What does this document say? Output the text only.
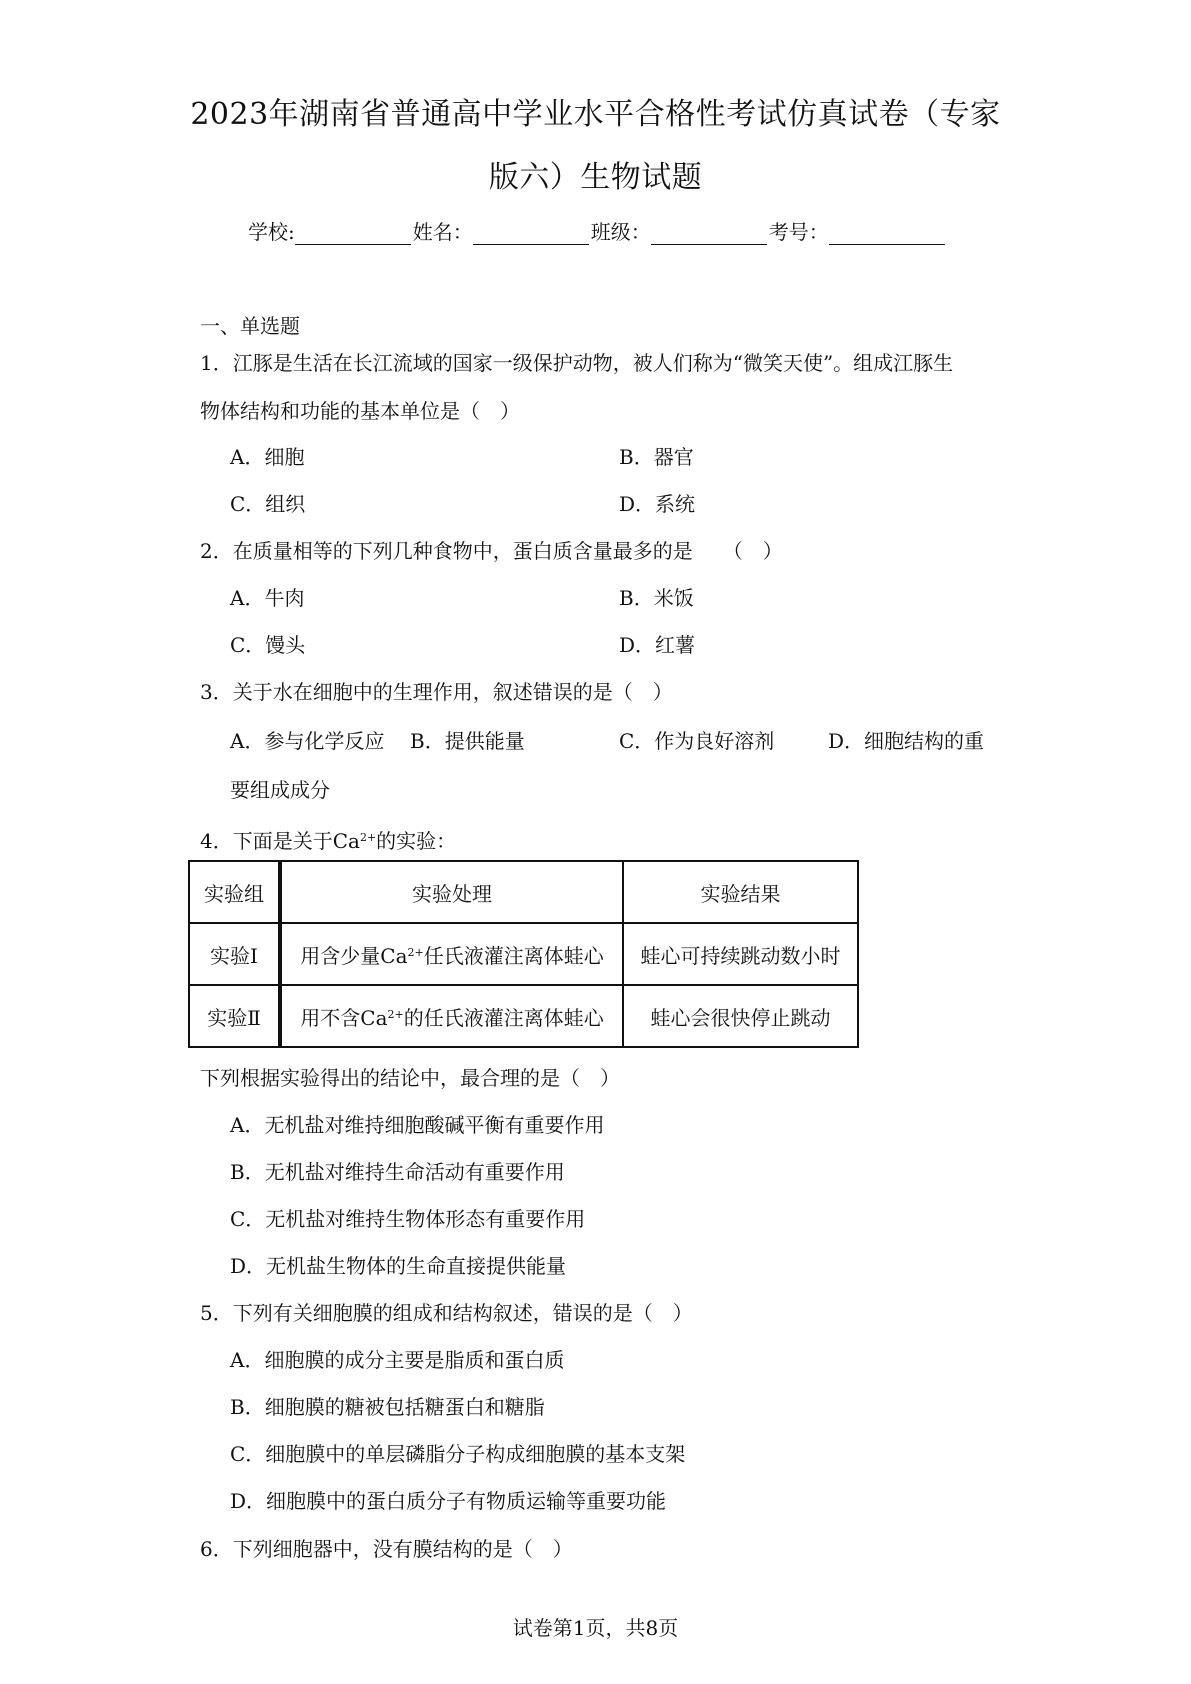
2023年湖南省普通高中学业水平合格性考试仿真试卷（专家
版六）生物试题
学校:	姓名：	班级：	考号：
一、单选题
1．江豚是生活在长江流域的国家一级保护动物，被人们称为“微笑天使”。组成江豚生
物体结构和功能的基本单位是（　）
A．细胞	B．器官
C．组织	D．系统
2．在质量相等的下列几种食物中，蛋白质含量最多的是　　（　）
A．牛肉	B．米饭
C．馒头	D．红薯
3．关于水在细胞中的生理作用，叙述错误的是（　）
A．参与化学反应 B．提供能量	C．作为良好溶剂	D．细胞结构的重
要组成成分
4．下面是关于$Ca^{2+}$的实验：
实验组	实验处理	实验结果
实验Ⅰ	用含少量$Ca^{2+}$任氏液灌注离体蛙心	蛙心可持续跳动数小时
实验Ⅱ	用不含$Ca^{2+}$的任氏液灌注离体蛙心	蛙心会很快停止跳动
下列根据实验得出的结论中，最合理的是（　）
A．无机盐对维持细胞酸碱平衡有重要作用
B．无机盐对维持生命活动有重要作用
C．无机盐对维持生物体形态有重要作用
D．无机盐生物体的生命直接提供能量
5．下列有关细胞膜的组成和结构叙述，错误的是（　）
A．细胞膜的成分主要是脂质和蛋白质
B．细胞膜的糖被包括糖蛋白和糖脂
C．细胞膜中的单层磷脂分子构成细胞膜的基本支架
D．细胞膜中的蛋白质分子有物质运输等重要功能
6．下列细胞器中，没有膜结构的是（　）
试卷第1页，共8页
